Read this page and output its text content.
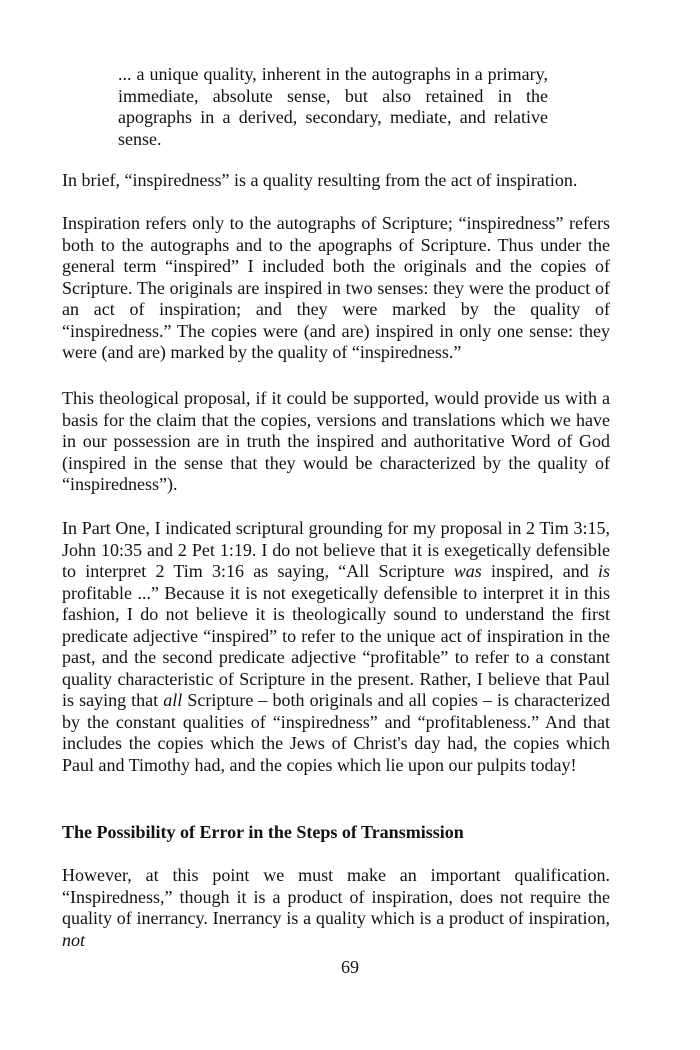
... a unique quality, inherent in the autographs in a primary, immediate, absolute sense, but also retained in the apographs in a derived, secondary, mediate, and relative sense.

In brief, “inspiredness” is a quality resulting from the act of inspiration.

Inspiration refers only to the autographs of Scripture; “inspiredness” refers both to the autographs and to the apographs of Scripture. Thus under the general term “inspired” I included both the originals and the copies of Scripture. The originals are inspired in two senses: they were the product of an act of inspiration; and they were marked by the quality of “inspiredness.” The copies were (and are) inspired in only one sense: they were (and are) marked by the quality of “inspiredness.”

This theological proposal, if it could be supported, would provide us with a basis for the claim that the copies, versions and translations which we have in our possession are in truth the inspired and authoritative Word of God (inspired in the sense that they would be characterized by the quality of “inspiredness”).

In Part One, I indicated scriptural grounding for my proposal in 2 Tim 3:15, John 10:35 and 2 Pet 1:19. I do not believe that it is exegetically defensible to interpret 2 Tim 3:16 as saying, “All Scripture was inspired, and is profitable ...” Because it is not exegetically defensible to interpret it in this fashion, I do not believe it is theologically sound to understand the first predicate adjective “inspired” to refer to the unique act of inspiration in the past, and the second predicate adjective “profitable” to refer to a constant quality characteristic of Scripture in the present. Rather, I believe that Paul is saying that all Scripture – both originals and all copies – is characterized by the constant qualities of “inspiredness” and “profitableness.” And that includes the copies which the Jews of Christ's day had, the copies which Paul and Timothy had, and the copies which lie upon our pulpits today!

The Possibility of Error in the Steps of Transmission

However, at this point we must make an important qualification. “Inspiredness,” though it is a product of inspiration, does not require the quality of inerrancy. Inerrancy is a quality which is a product of inspiration, not

69
